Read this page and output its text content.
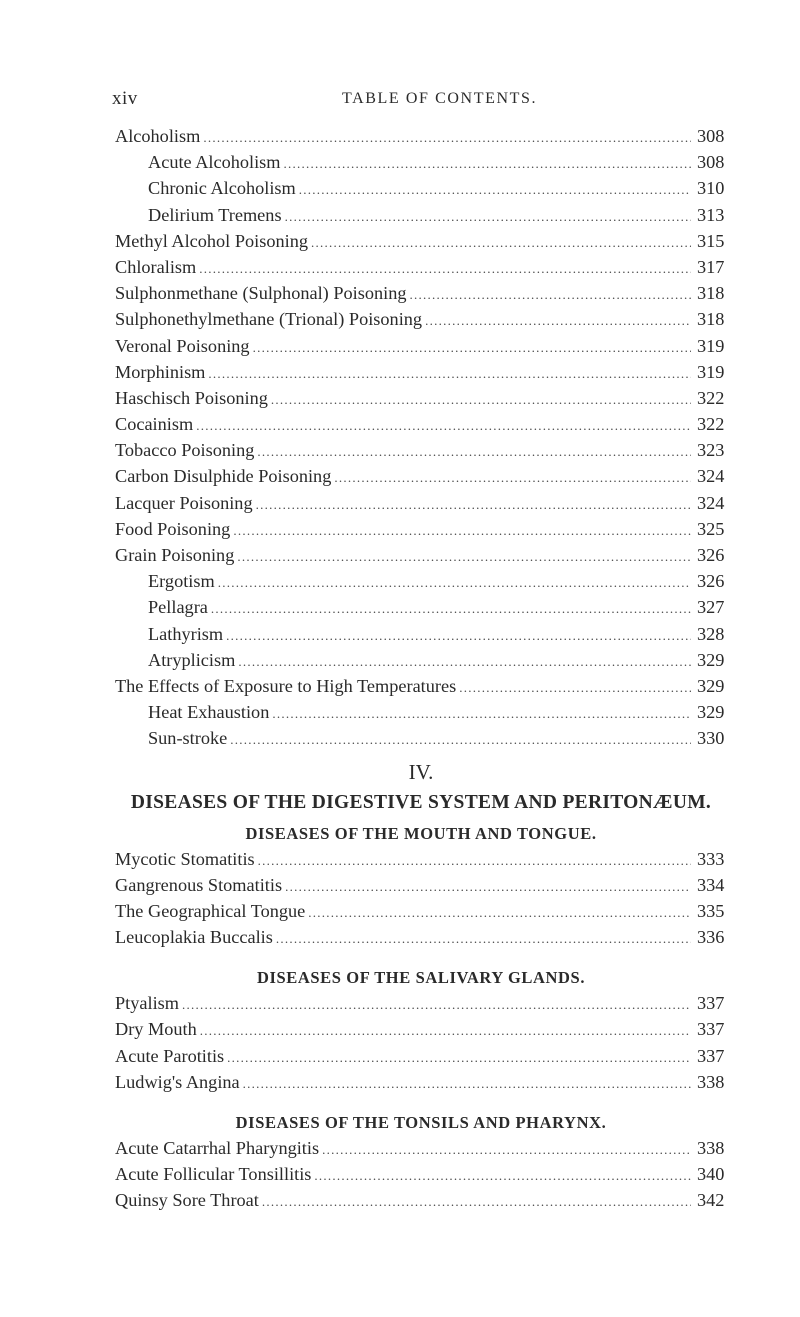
xiv	TABLE OF CONTENTS.
Alcoholism . . .	308
Acute Alcoholism . . .	308
Chronic Alcoholism . . .	310
Delirium Tremens . . .	313
Methyl Alcohol Poisoning . . .	315
Chloralism . . .	317
Sulphonmethane (Sulphonal) Poisoning . . .	318
Sulphonethylmethane (Trional) Poisoning . . .	318
Veronal Poisoning . . .	319
Morphinism . . .	319
Haschisch Poisoning . . .	322
Cocainism . . .	322
Tobacco Poisoning . . .	323
Carbon Disulphide Poisoning . . .	324
Lacquer Poisoning . . .	324
Food Poisoning . . .	325
Grain Poisoning . . .	326
Ergotism . . .	326
Pellagra . . .	327
Lathyrism . . .	328
Atryplicism . . .	329
The Effects of Exposure to High Temperatures . . .	329
Heat Exhaustion . . .	329
Sun-stroke . . .	330
IV.
DISEASES OF THE DIGESTIVE SYSTEM AND PERITONÆUM.
DISEASES OF THE MOUTH AND TONGUE.
Mycotic Stomatitis . . .	333
Gangrenous Stomatitis . . .	334
The Geographical Tongue . . .	335
Leucoplakia Buccalis . . .	336
DISEASES OF THE SALIVARY GLANDS.
Ptyalism . . .	337
Dry Mouth . . .	337
Acute Parotitis . . .	337
Ludwig's Angina . . .	338
DISEASES OF THE TONSILS AND PHARYNX.
Acute Catarrhal Pharyngitis . . .	338
Acute Follicular Tonsillitis . . .	340
Quinsy Sore Throat . . .	342
